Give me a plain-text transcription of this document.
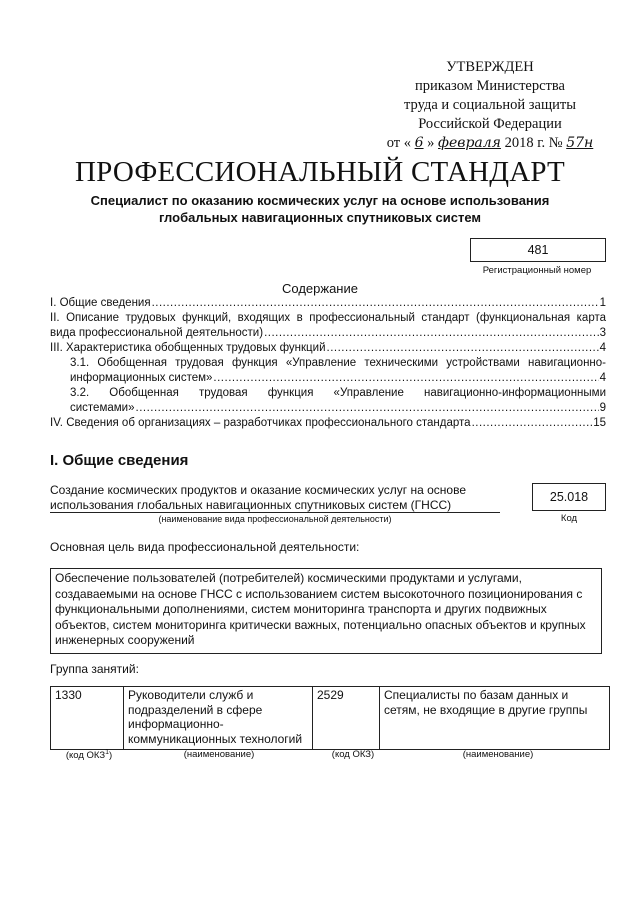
УТВЕРЖДЕН
приказом Министерства
труда и социальной защиты
Российской Федерации
от « 6 » февраля 2018 г. № 57н
ПРОФЕССИОНАЛЬНЫЙ СТАНДАРТ
Специалист по оказанию космических услуг на основе использования
глобальных навигационных спутниковых систем
481
Регистрационный номер
Содержание
I. Общие сведения .....	1
II. Описание трудовых функций, входящих в профессиональный стандарт (функциональная карта
вида профессиональной деятельности) .....	3
III. Характеристика обобщенных трудовых функций .....	4
3.1. Обобщенная трудовая функция «Управление техническими устройствами навигационно-
информационных систем» .....	4
3.2. Обобщенная трудовая функция «Управление навигационно-информационными
системами» .....	9
IV. Сведения об организациях – разработчиках профессионального стандарта .....	15
I. Общие сведения
Создание космических продуктов и оказание космических услуг на основе
использования глобальных навигационных спутниковых систем (ГНСС)
(наименование вида профессиональной деятельности)
25.018
Код
Основная цель вида профессиональной деятельности:
Обеспечение пользователей (потребителей) космическими продуктами и услугами, создаваемыми на основе ГНСС с использованием систем высокоточного позиционирования с функциональными дополнениями, систем мониторинга транспорта и других подвижных объектов, систем мониторинга критически важных, потенциально опасных объектов и крупных инженерных сооружений
Группа занятий:
1330	Руководители служб и подразделений в сфере информационно-коммуникационных технологий	2529	Специалисты по базам данных и сетям, не входящие в другие группы
(код ОКЗ$^1$)	(наименование)	(код ОКЗ)	(наименование)
